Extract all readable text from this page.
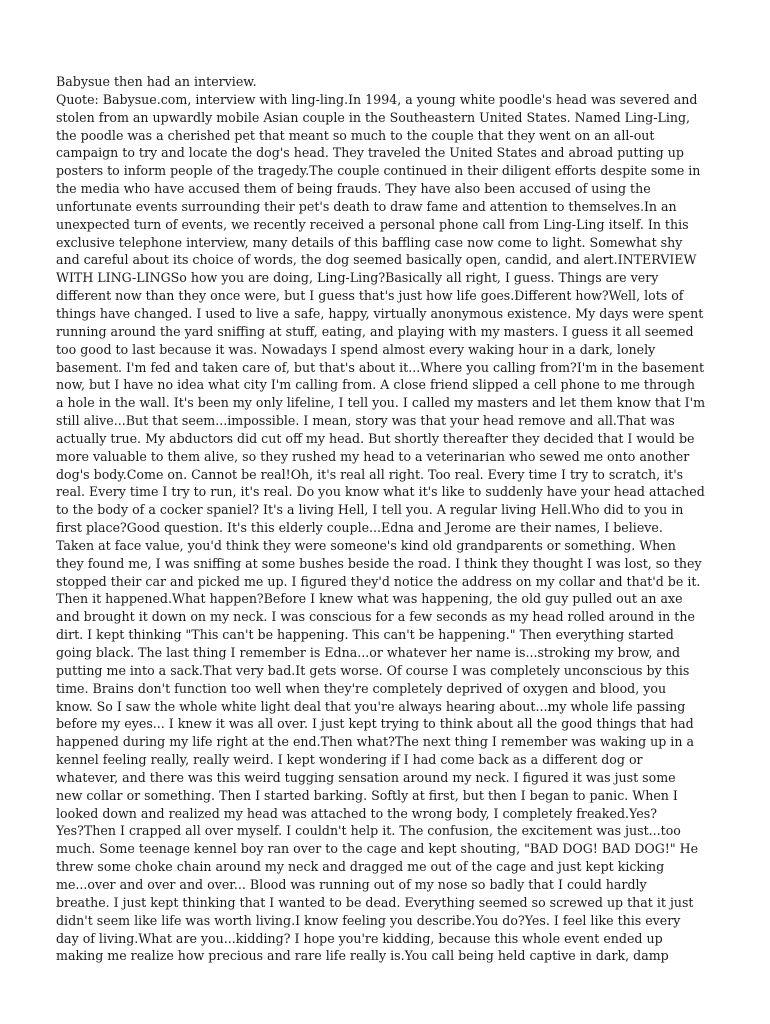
Babysue then had an interview.
Quote: Babysue.com, interview with ling-ling.In 1994, a young white poodle's head was severed and
stolen from an upwardly mobile Asian couple in the Southeastern United States. Named Ling-Ling,
the poodle was a cherished pet that meant so much to the couple that they went on an all-out
campaign to try and locate the dog's head. They traveled the United States and abroad putting up
posters to inform people of the tragedy.The couple continued in their diligent efforts despite some in
the media who have accused them of being frauds. They have also been accused of using the
unfortunate events surrounding their pet's death to draw fame and attention to themselves.In an
unexpected turn of events, we recently received a personal phone call from Ling-Ling itself. In this
exclusive telephone interview, many details of this baffling case now come to light. Somewhat shy
and careful about its choice of words, the dog seemed basically open, candid, and alert.INTERVIEW
WITH LING-LINGSo how you are doing, Ling-Ling?Basically all right, I guess. Things are very
different now than they once were, but I guess that's just how life goes.Different how?Well, lots of
things have changed. I used to live a safe, happy, virtually anonymous existence. My days were spent
running around the yard sniffing at stuff, eating, and playing with my masters. I guess it all seemed
too good to last because it was. Nowadays I spend almost every waking hour in a dark, lonely
basement. I'm fed and taken care of, but that's about it...Where you calling from?I'm in the basement
now, but I have no idea what city I'm calling from. A close friend slipped a cell phone to me through
a hole in the wall. It's been my only lifeline, I tell you. I called my masters and let them know that I'm
still alive...But that seem...impossible. I mean, story was that your head remove and all.That was
actually true. My abductors did cut off my head. But shortly thereafter they decided that I would be
more valuable to them alive, so they rushed my head to a veterinarian who sewed me onto another
dog's body.Come on. Cannot be real!Oh, it's real all right. Too real. Every time I try to scratch, it's
real. Every time I try to run, it's real. Do you know what it's like to suddenly have your head attached
to the body of a cocker spaniel? It's a living Hell, I tell you. A regular living Hell.Who did to you in
first place?Good question. It's this elderly couple...Edna and Jerome are their names, I believe.
Taken at face value, you'd think they were someone's kind old grandparents or something. When
they found me, I was sniffing at some bushes beside the road. I think they thought I was lost, so they
stopped their car and picked me up. I figured they'd notice the address on my collar and that'd be it.
Then it happened.What happen?Before I knew what was happening, the old guy pulled out an axe
and brought it down on my neck. I was conscious for a few seconds as my head rolled around in the
dirt. I kept thinking "This can't be happening. This can't be happening." Then everything started
going black. The last thing I remember is Edna...or whatever her name is...stroking my brow, and
putting me into a sack.That very bad.It gets worse. Of course I was completely unconscious by this
time. Brains don't function too well when they're completely deprived of oxygen and blood, you
know. So I saw the whole white light deal that you're always hearing about...my whole life passing
before my eyes... I knew it was all over. I just kept trying to think about all the good things that had
happened during my life right at the end.Then what?The next thing I remember was waking up in a
kennel feeling really, really weird. I kept wondering if I had come back as a different dog or
whatever, and there was this weird tugging sensation around my neck. I figured it was just some
new collar or something. Then I started barking. Softly at first, but then I began to panic. When I
looked down and realized my head was attached to the wrong body, I completely freaked.Yes?
Yes?Then I crapped all over myself. I couldn't help it. The confusion, the excitement was just...too
much. Some teenage kennel boy ran over to the cage and kept shouting, "BAD DOG! BAD DOG!" He
threw some choke chain around my neck and dragged me out of the cage and just kept kicking
me...over and over and over... Blood was running out of my nose so badly that I could hardly
breathe. I just kept thinking that I wanted to be dead. Everything seemed so screwed up that it just
didn't seem like life was worth living.I know feeling you describe.You do?Yes. I feel like this every
day of living.What are you...kidding? I hope you're kidding, because this whole event ended up
making me realize how precious and rare life really is.You call being held captive in dark, damp
